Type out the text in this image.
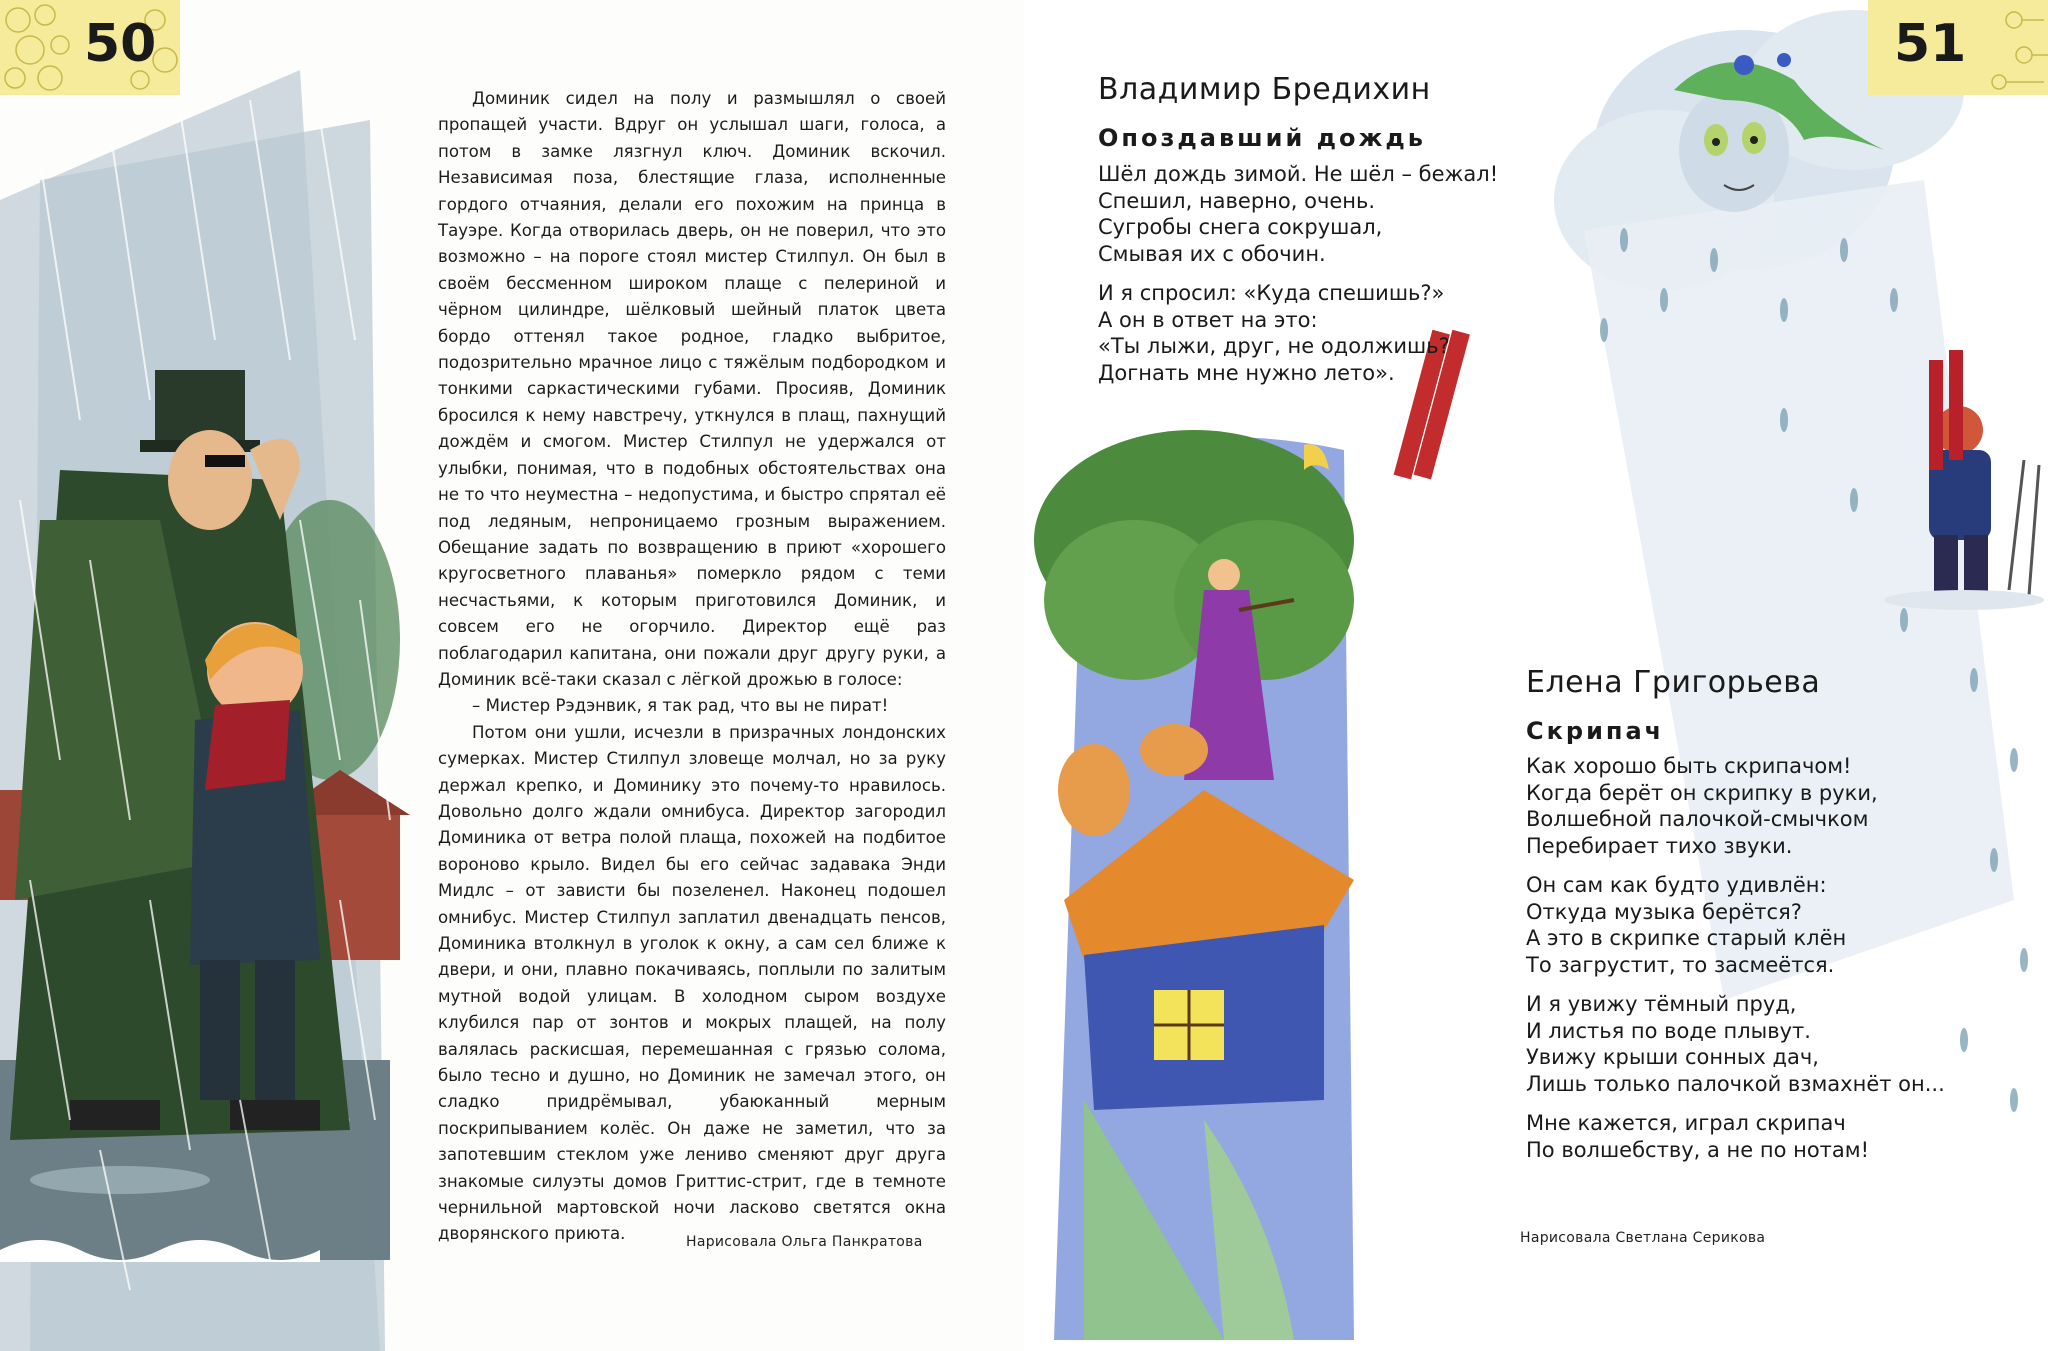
50

Доминик сидел на полу и размышлял о своей пропащей участи. Вдруг он услышал шаги, голоса, а потом в замке лязгнул ключ. Доминик вскочил. Независимая поза, блестящие глаза, исполненные гордого отчаяния, делали его похожим на принца в Тауэре. Когда отворилась дверь, он не поверил, что это возможно – на пороге стоял мистер Стилпул. Он был в своём бессменном широком плаще с пелериной и чёрном цилиндре, шёлковый шейный платок цвета бордо оттенял такое родное, гладко выбритое, подозрительно мрачное лицо с тяжёлым подбородком и тонкими саркастическими губами. Просияв, Доминик бросился к нему навстречу, уткнулся в плащ, пахнущий дождём и смогом. Мистер Стилпул не удержался от улыбки, понимая, что в подобных обстоятельствах она не то что неуместна – недопустима, и быстро спрятал её под ледяным, непроницаемо грозным выражением. Обещание задать по возвращению в приют «хорошего кругосветного плаванья» померкло рядом с теми несчастьями, к которым приготовился Доминик, и совсем его не огорчило. Директор ещё раз поблагодарил капитана, они пожали друг другу руки, а Доминик всё-таки сказал с лёгкой дрожью в голосе:

– Мистер Рэдэнвик, я так рад, что вы не пират!

Потом они ушли, исчезли в призрачных лондонских сумерках. Мистер Стилпул зловеще молчал, но за руку держал крепко, и Доминику это почему-то нравилось. Довольно долго ждали омнибуса. Директор загородил Доминика от ветра полой плаща, похожей на подбитое вороново крыло. Видел бы его сейчас задавака Энди Мидлс – от зависти бы позеленел. Наконец подошел омнибус. Мистер Стилпул заплатил двенадцать пенсов, Доминика втолкнул в уголок к окну, а сам сел ближе к двери, и они, плавно покачиваясь, поплыли по залитым мутной водой улицам. В холодном сыром воздухе клубился пар от зонтов и мокрых плащей, на полу валялась раскисшая, перемешанная с грязью солома, было тесно и душно, но Доминик не замечал этого, он сладко придрёмывал, убаюканный мерным поскрипыванием колёс. Он даже не заметил, что за запотевшим стеклом уже лениво сменяют друг друга знакомые силуэты домов Гриттис-стрит, где в темноте чернильной мартовской ночи ласково светятся окна дворянского приюта.	Нарисовала Ольга Панкратова
51
Владимир Бредихин
Опоздавший дождь
Шёл дождь зимой. Не шёл – бежал!
Спешил, наверно, очень.
Сугробы снега сокрушал,
Смывая их с обочин.
И я спросил: «Куда спешишь?»
А он в ответ на это:
«Ты лыжи, друг, не одолжишь?
Догнать мне нужно лето».
Елена Григорьева
Скрипач
Как хорошо быть скрипачом!
Когда берёт он скрипку в руки,
Волшебной палочкой-смычком
Перебирает тихо звуки.
Он сам как будто удивлён:
Откуда музыка берётся?
А это в скрипке старый клён
То загрустит, то засмеётся.
И я увижу тёмный пруд,
И листья по воде плывут.
Увижу крыши сонных дач,
Лишь только палочкой взмахнёт он...
Мне кажется, играл скрипач
По волшебству, а не по нотам!
Нарисовала Светлана Серикова
